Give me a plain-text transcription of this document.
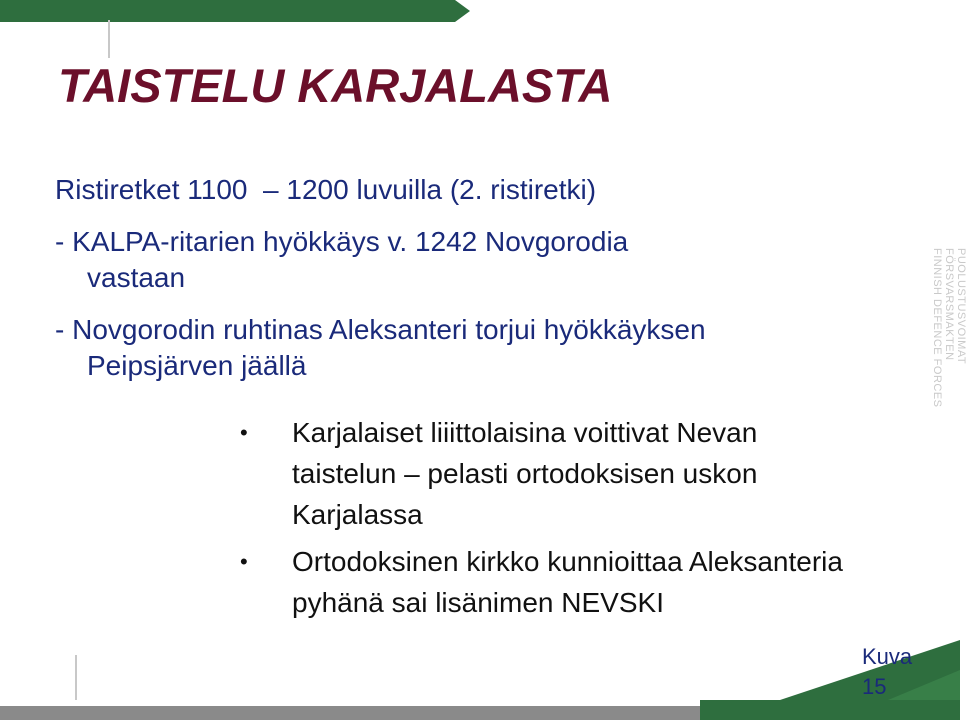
TAISTELU KARJALASTA

Ristiretket 1100  – 1200 luvuilla (2. ristiretki)

- KALPA-ritarien hyökkäys v. 1242 Novgorodia

vastaan

- Novgorodin ruhtinas Aleksanteri torjui hyökkäyksen

Peipsjärven jäällä

• Karjalaiset liiittolaisina voittivat Nevan taistelun – pelasti ortodoksisen uskon Karjalassa
• Ortodoksinen kirkko kunnioittaa Aleksanteria pyhänä sai lisänimen NEVSKI
PUOLUSTUSVOIMAT
FÖRSVARSMAKTEN
FINNISH DEFENCE FORCES
Kuva
15
